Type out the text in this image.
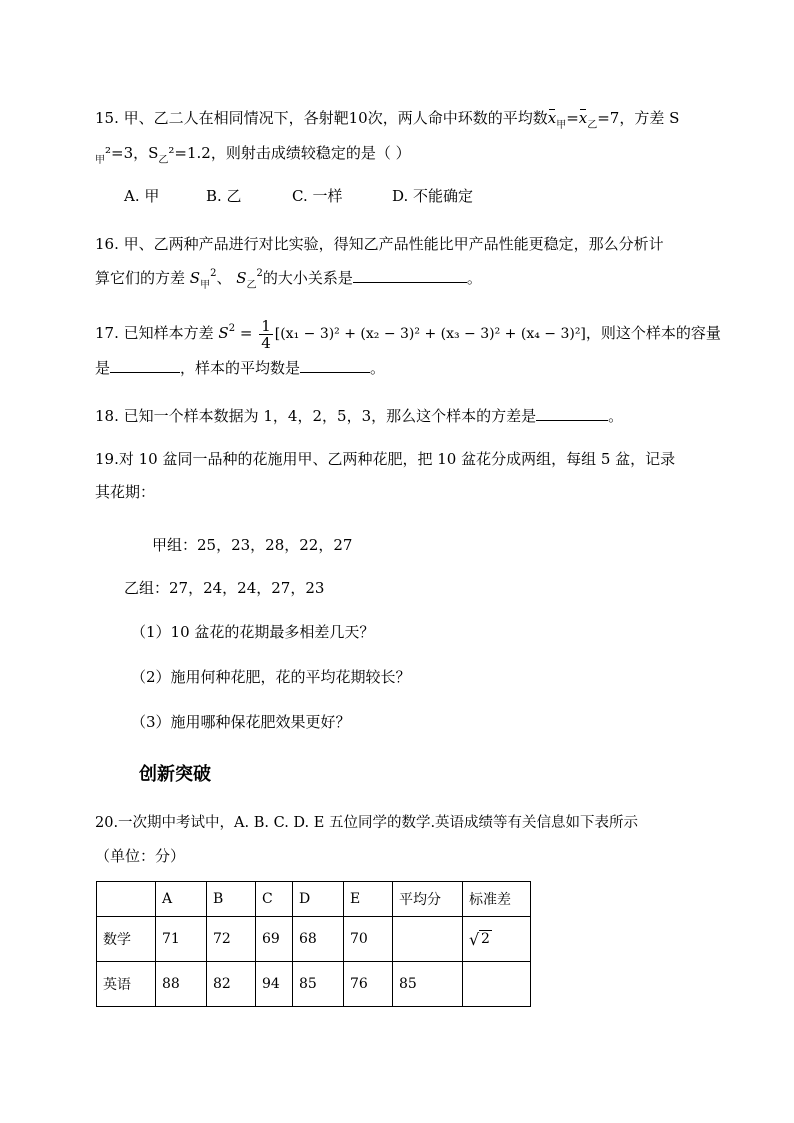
15. 甲、乙二人在相同情况下，各射靶10次，两人命中环数的平均数$x_甲=x_乙=7$，方差 S
$_甲$²=3，$S_乙^2=1.2$，则射击成绩较稳定的是（ ）
A. 甲	B. 乙	C. 一样	D. 不能确定
16. 甲、乙两种产品进行对比实验，得知乙产品性能比甲产品性能更稳定，那么分析计
算它们的方差 $S_甲^2$、 $S_乙^2$的大小关系是	。
17. 已知样本方差 $S^2 = \frac{1}{4} [(x_1 - 3)^2 + (x_2 - 3)^2 + (x_3 - 3)^2 + (x_4 - 3)^2]$，则这个样本的容量
是	，样本的平均数是	。
18. 已知一个样本数据为 1，4，2，5，3，那么这个样本的方差是	。
19.对 10 盆同一品种的花施用甲、乙两种花肥，把 10 盆花分成两组，每组 5 盆，记录
其花期：
甲组：25，23，28，22，27
乙组：27，24，24，27，23
（1）10 盆花的花期最多相差几天？
（2）施用何种花肥，花的平均花期较长？
（3）施用哪种保花肥效果更好？
创新突破
20.一次期中考试中，A. B. C. D. E 五位同学的数学.英语成绩等有关信息如下表所示
（单位：分）
	A	B	C	D	E	平均分	标准差
数学	71	72	69	68	70		√ 2
英语	88	82	94	85	76	85	
